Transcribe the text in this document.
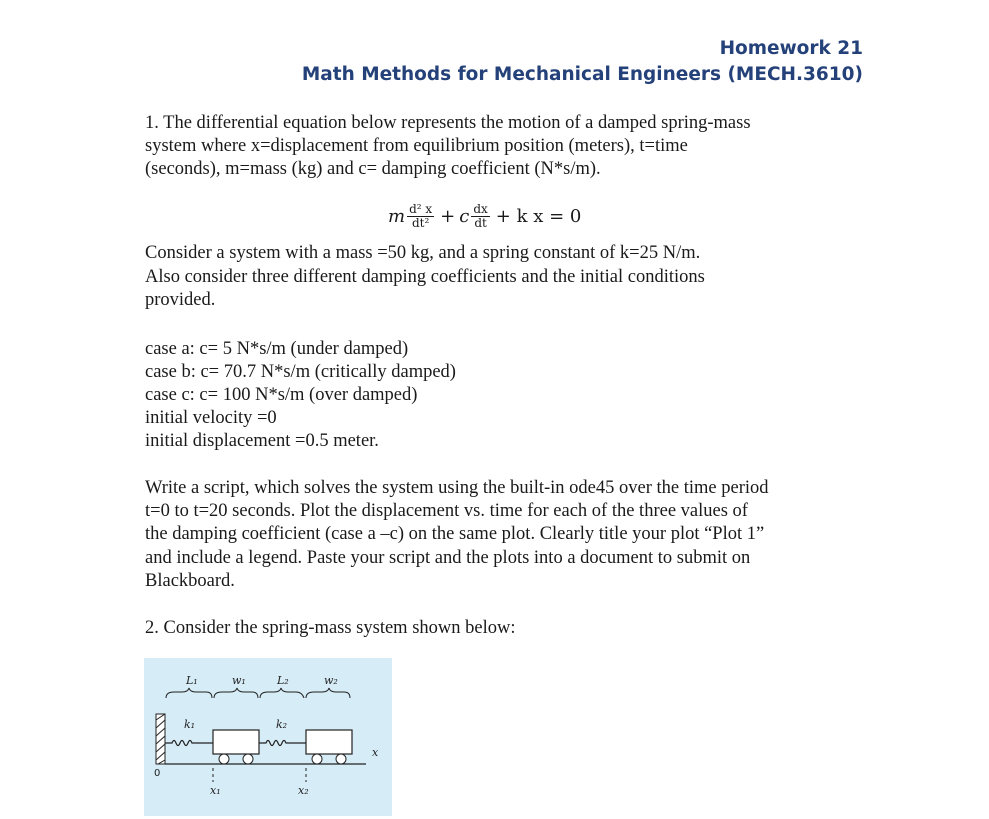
Homework 21
Math Methods for Mechanical Engineers (MECH.3610)
1. The differential equation below represents the motion of a damped spring-mass
system where x=displacement from equilibrium position (meters), t=time
(seconds), m=mass (kg) and c= damping coefficient (N*s/m).
m $\frac{\text{d² x}}{\text{dt²}} + c \frac{dx}{dt} + k$ x = 0
Consider a system with a mass =50 kg, and a spring constant of k=25 N/m.
Also consider three different damping coefficients and the initial conditions
provided.
case a: c= 5 N*s/m (under damped)
case b: c= 70.7 N*s/m (critically damped)
case c: c= 100 N*s/m (over damped)
initial velocity =0
initial displacement =0.5 meter.
Write a script, which solves the system using the built-in ode45 over the time period
t=0 to t=20 seconds. Plot the displacement vs. time for each of the three values of
the damping coefficient (case a –c) on the same plot. Clearly title your plot “Plot 1”
and include a legend. Paste your script and the plots into a document to submit on
Blackboard.
2. Consider the spring-mass system shown below:
L₁	w₁	L₂	w₂
k₁	k₂
x
x₁	x₂
0
